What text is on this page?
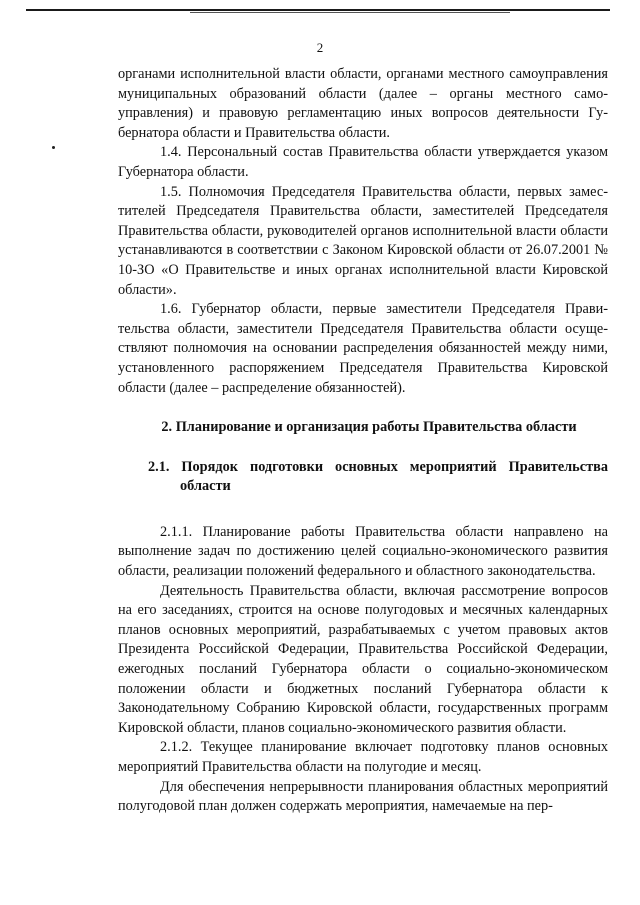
2

органами исполнительной власти области, органами местного самоуправления муниципальных образований области (далее – органы местного самоуправления) и правовую регламентацию иных вопросов деятельности Губернатора области и Правительства области.

1.4. Персональный состав Правительства области утверждается указом Губернатора области.

1.5. Полномочия Председателя Правительства области, первых заместителей Председателя Правительства области, заместителей Председателя Правительства области, руководителей органов исполнительной власти области устанавливаются в соответствии с Законом Кировской области от 26.07.2001 № 10-ЗО «О Правительстве и иных органах исполнительной власти Кировской области».

1.6. Губернатор области, первые заместители Председателя Правительства области, заместители Председателя Правительства области осуществляют полномочия на основании распределения обязанностей между ними, установленного распоряжением Председателя Правительства Кировской области (далее – распределение обязанностей).

2. Планирование и организация работы Правительства области

2.1. Порядок подготовки основных мероприятий Правительства области

2.1.1. Планирование работы Правительства области направлено на выполнение задач по достижению целей социально-экономического развития области, реализации положений федерального и областного законодательства.

Деятельность Правительства области, включая рассмотрение вопросов на его заседаниях, строится на основе полугодовых и месячных календарных планов основных мероприятий, разрабатываемых с учетом правовых актов Президента Российской Федерации, Правительства Российской Федерации, ежегодных посланий Губернатора области о социально-экономическом положении области и бюджетных посланий Губернатора области к Законодательному Собранию Кировской области, государственных программ Кировской области, планов социально-экономического развития области.

2.1.2. Текущее планирование включает подготовку планов основных мероприятий Правительства области на полугодие и месяц.

Для обеспечения непрерывности планирования областных мероприятий полугодовой план должен содержать мероприятия, намечаемые на пер-
